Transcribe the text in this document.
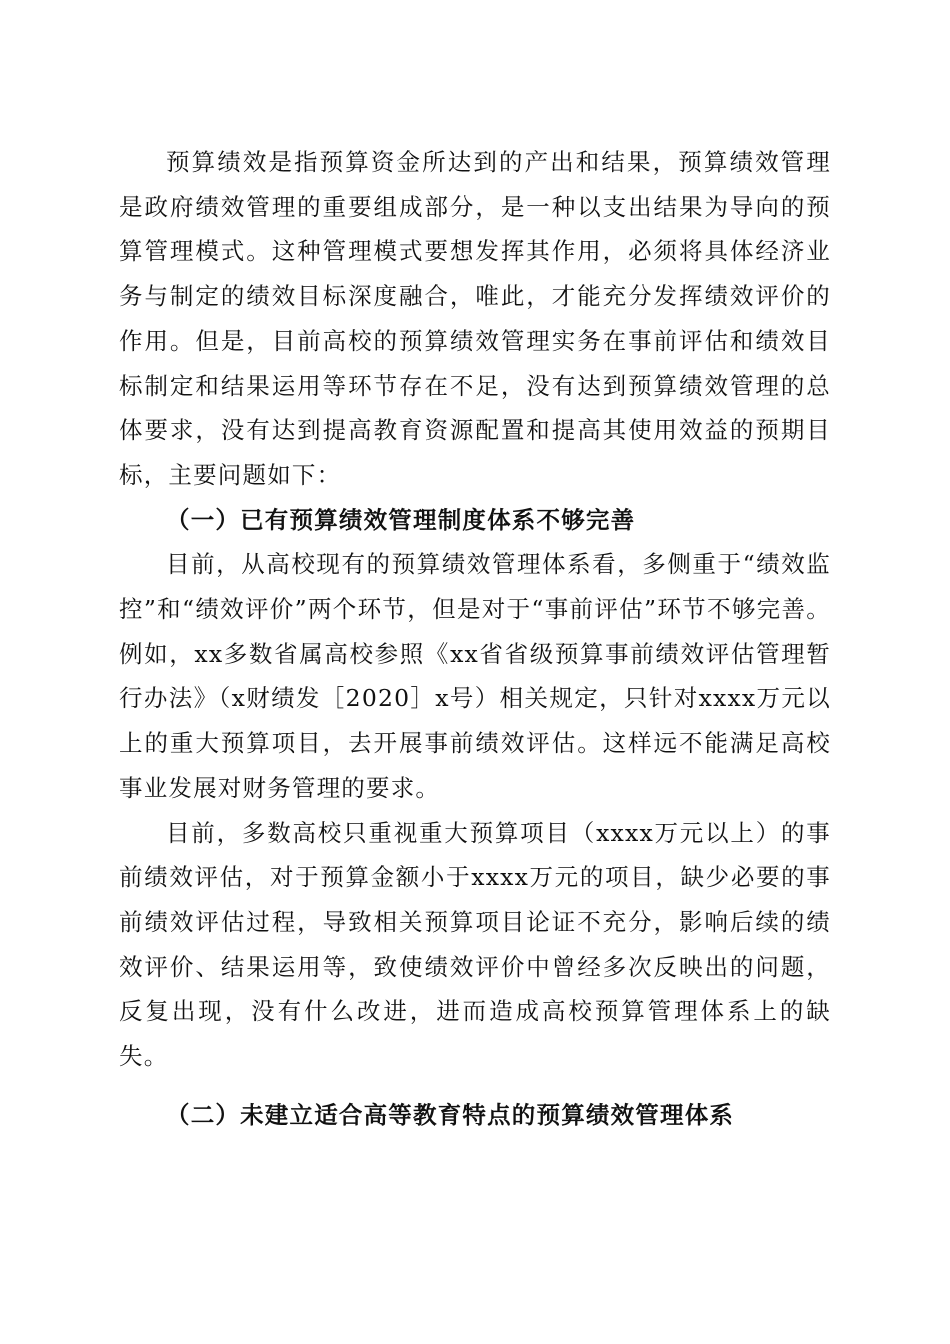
预算绩效是指预算资金所达到的产出和结果，预算绩效管理是政府绩效管理的重要组成部分，是一种以支出结果为导向的预算管理模式。这种管理模式要想发挥其作用，必须将具体经济业务与制定的绩效目标深度融合，唯此，才能充分发挥绩效评价的作用。但是，目前高校的预算绩效管理实务在事前评估和绩效目标制定和结果运用等环节存在不足，没有达到预算绩效管理的总体要求，没有达到提高教育资源配置和提高其使用效益的预期目标，主要问题如下：

（一）已有预算绩效管理制度体系不够完善

目前，从高校现有的预算绩效管理体系看，多侧重于“绩效监控”和“绩效评价”两个环节，但是对于“事前评估”环节不够完善。例如，xx多数省属高校参照《xx省省级预算事前绩效评估管理暂行办法》（x财绩发［2020］x号）相关规定，只针对xxxx万元以上的重大预算项目，去开展事前绩效评估。这样远不能满足高校事业发展对财务管理的要求。

目前，多数高校只重视重大预算项目（xxxx万元以上）的事前绩效评估，对于预算金额小于xxxx万元的项目，缺少必要的事前绩效评估过程，导致相关预算项目论证不充分，影响后续的绩效评价、结果运用等，致使绩效评价中曾经多次反映出的问题，反复出现，没有什么改进，进而造成高校预算管理体系上的缺失。

（二）未建立适合高等教育特点的预算绩效管理体系
